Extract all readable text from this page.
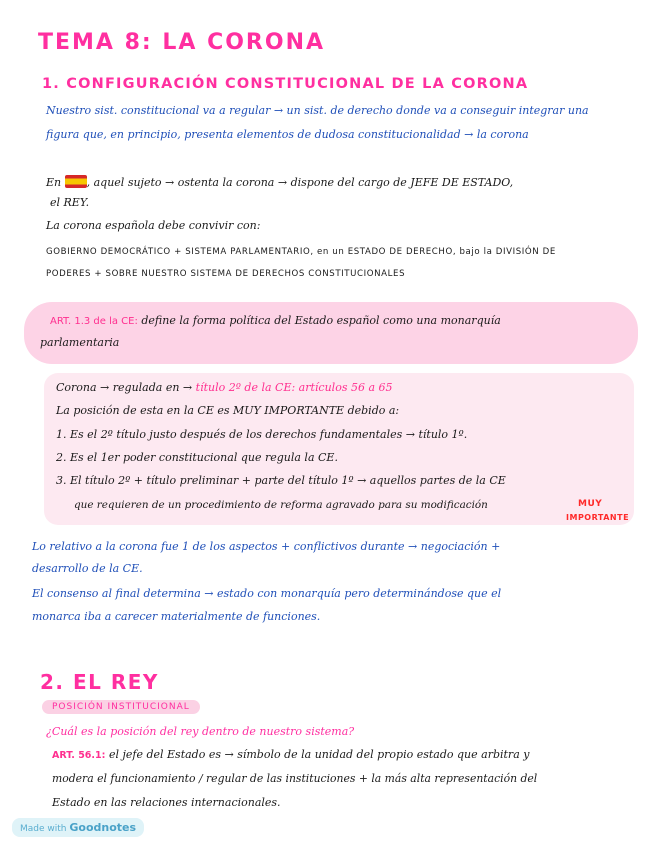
TEMA 8: LA CORONA
1. CONFIGURACIÓN CONSTITUCIONAL DE LA CORONA
Nuestro sist. constitucional va a regular → un sist. de derecho donde va a conseguir integrar una
figura que, en principio, presenta elementos de dudosa constitucionalidad → la corona
En , aquel sujeto → ostenta la corona → dispone del cargo de JEFE DE ESTADO,
el REY.
La corona española debe convivir con:
GOBIERNO DEMOCRÁTICO + SISTEMA PARLAMENTARIO, en un ESTADO DE DERECHO, bajo la DIVISIÓN DE
PODERES + SOBRE NUESTRO SISTEMA DE DERECHOS CONSTITUCIONALES
ART. 1.3 de la CE: define la forma política del Estado español como una monarquía
parlamentaria
Corona → regulada en → título 2º de la CE: artículos 56 a 65
La posición de esta en la CE es MUY IMPORTANTE debido a:
1. Es el 2º título justo después de los derechos fundamentales → título 1º.
2. Es el 1er poder constitucional que regula la CE.
3. El título 2º + título preliminar + parte del título 1º → aquellos partes de la CE
que requieren de un procedimiento de reforma agravado para su modificación	MUY
IMPORTANTE
Lo relativo a la corona fue 1 de los aspectos + conflictivos durante → negociación +
desarrollo de la CE.
El consenso al final determina → estado con monarquía pero determinándose que el
monarca iba a carecer materialmente de funciones.
2. EL REY
POSICIÓN INSTITUCIONAL
¿Cuál es la posición del rey dentro de nuestro sistema?
ART. 56.1: el jefe del Estado es → símbolo de la unidad del propio estado que arbitra y
modera el funcionamiento / regular de las instituciones + la más alta representación del
Estado en las relaciones internacionales.
Made with Goodnotes
